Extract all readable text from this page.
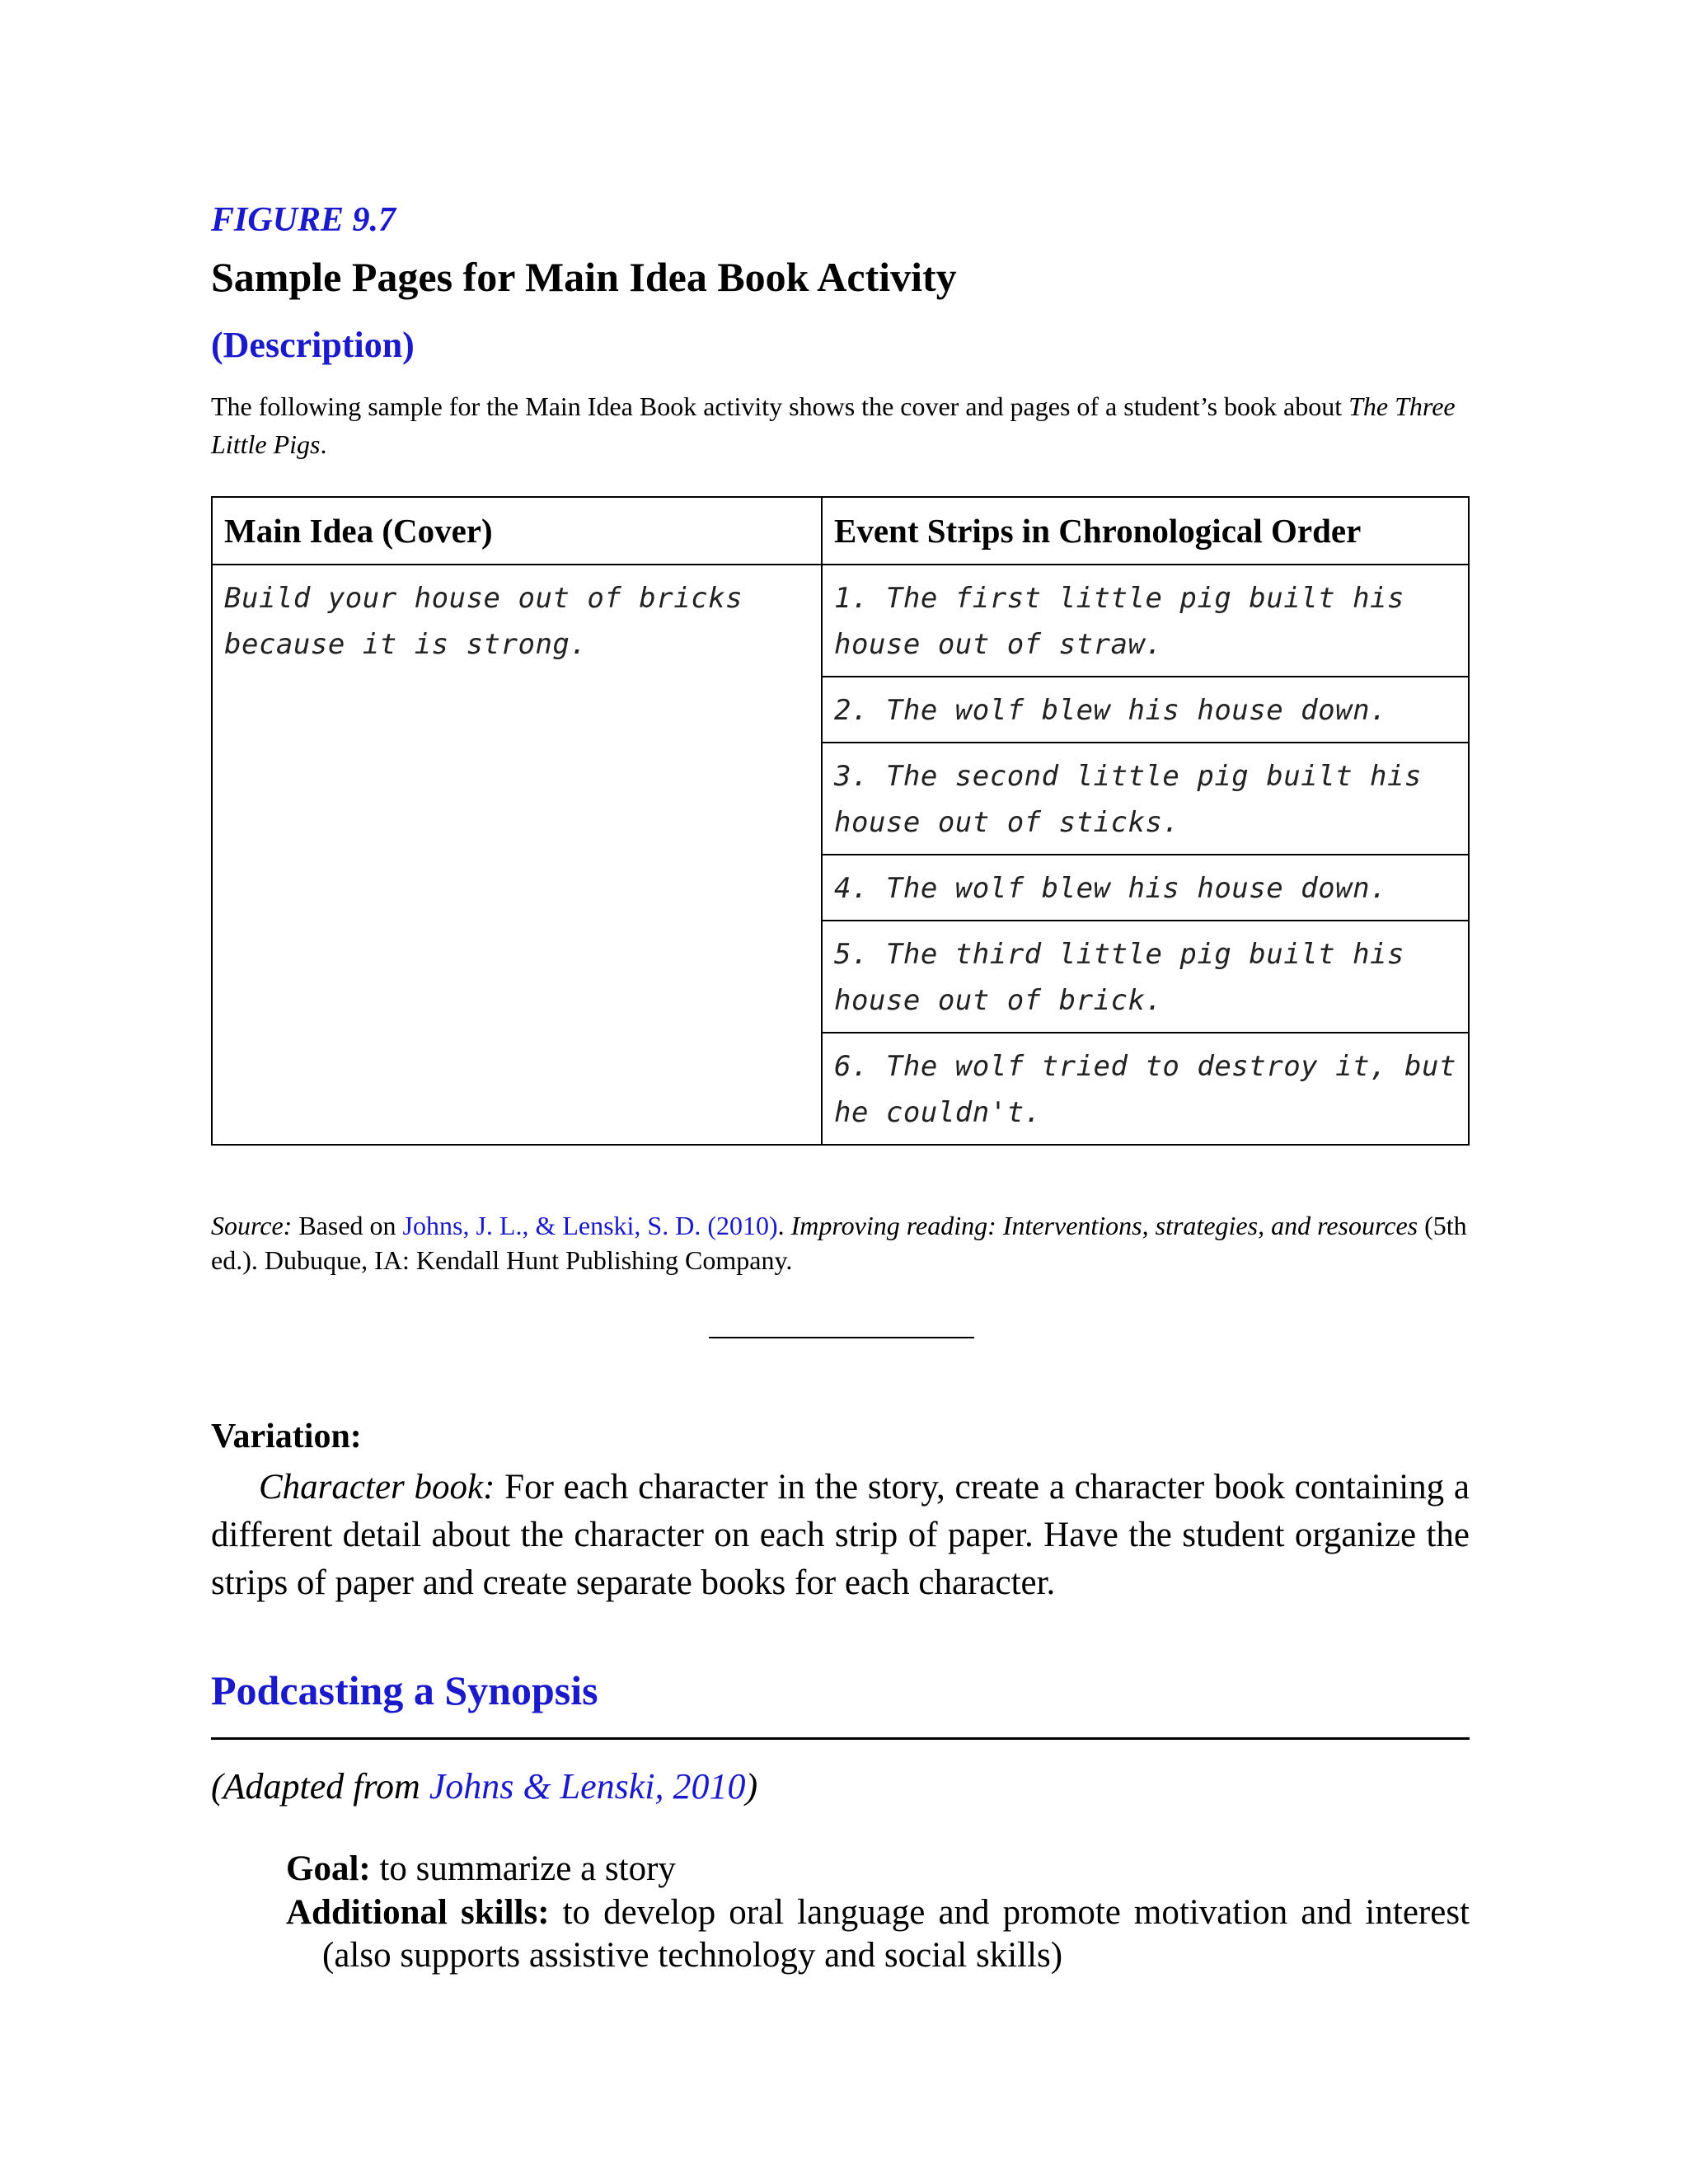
FIGURE 9.7
Sample Pages for Main Idea Book Activity
(Description)
The following sample for the Main Idea Book activity shows the cover and pages of a student’s book about The Three Little Pigs.
Main Idea (Cover)	Event Strips in Chronological Order
Build your house out of bricks because it is strong.	1. The first little pig built his house out of straw.
	2. The wolf blew his house down.
	3. The second little pig built his house out of sticks.
	4. The wolf blew his house down.
	5. The third little pig built his house out of brick.
	6. The wolf tried to destroy it, but he couldn't.
Source: Based on Johns, J. L., & Lenski, S. D. (2010). Improving reading: Interventions, strategies, and resources (5th ed.). Dubuque, IA: Kendall Hunt Publishing Company.
Variation:
Character book: For each character in the story, create a character book containing a different detail about the character on each strip of paper. Have the student organize the strips of paper and create separate books for each character.
Podcasting a Synopsis
(Adapted from Johns & Lenski, 2010)
Goal: to summarize a story
Additional skills: to develop oral language and promote motivation and interest (also supports assistive technology and social skills)
